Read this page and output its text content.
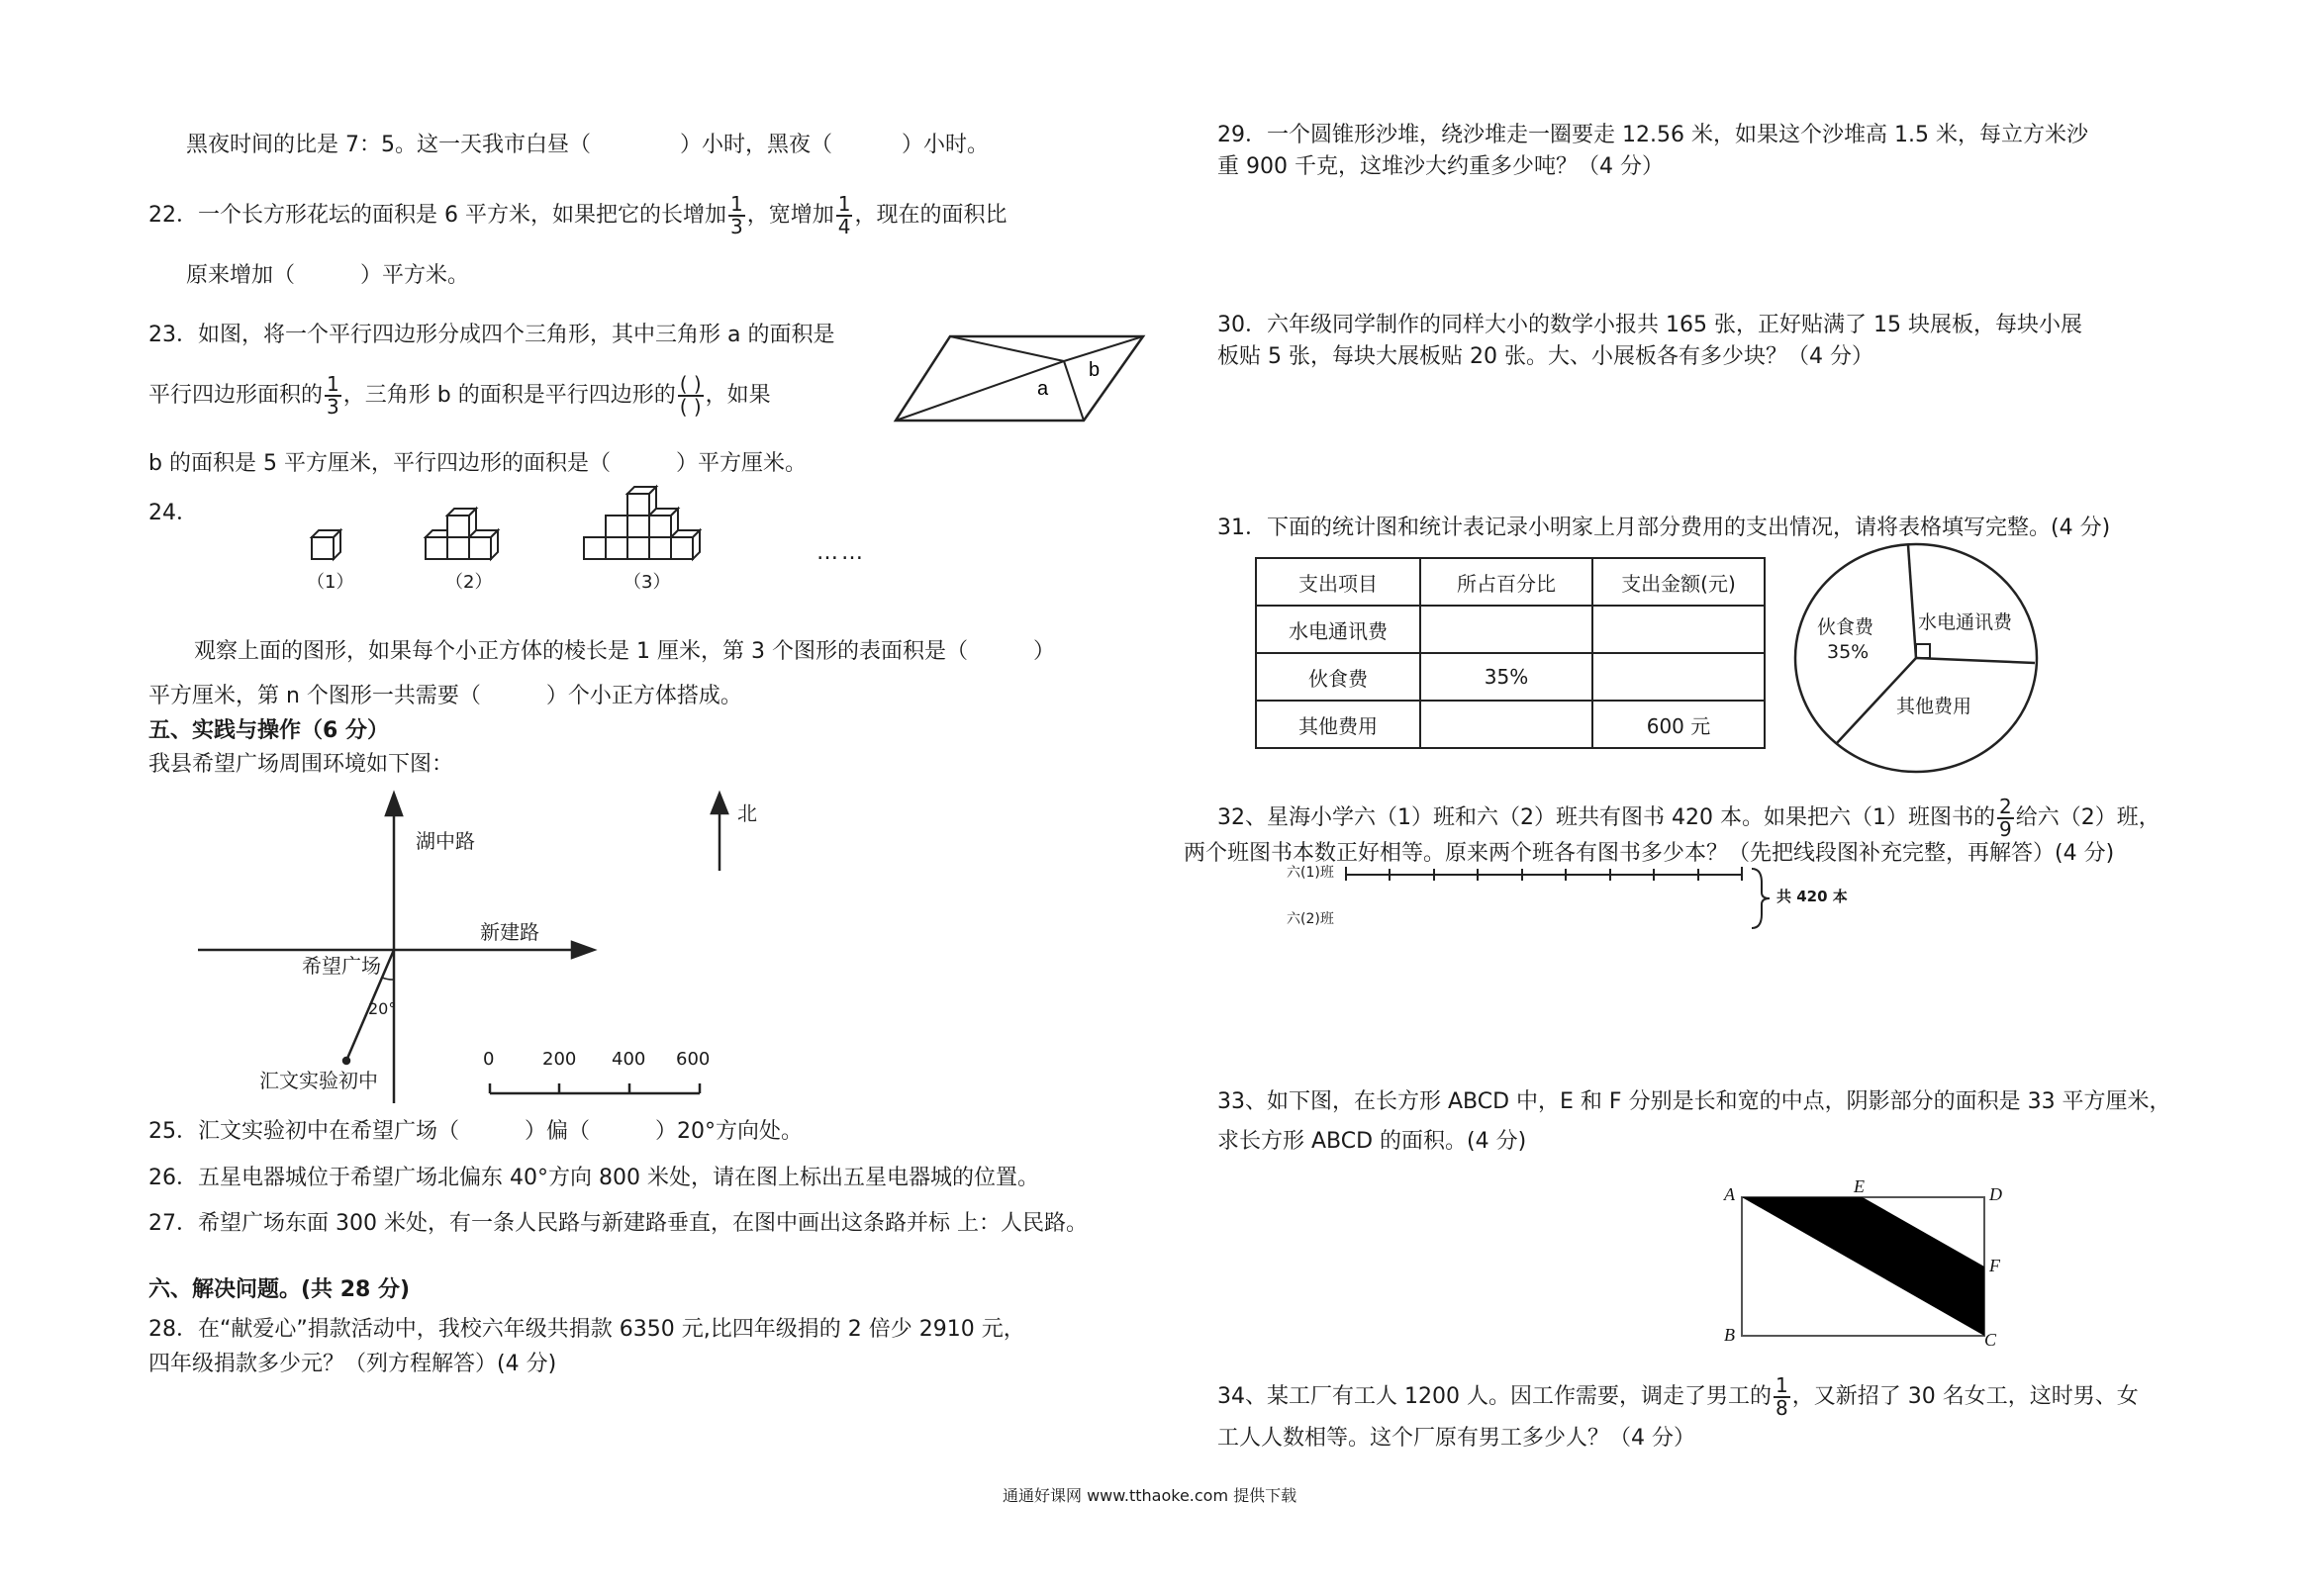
黑夜时间的比是 7：5。这一天我市白昼（	）小时，黑夜（	）小时。
22．一个长方形花坛的面积是 6 平方米，如果把它的长增加 $\frac{1}{3}$ ，宽增加 $\frac{1}{4}$ ，现在的面积比
原来增加（　　　）平方米。
23．如图，将一个平行四边形分成四个三角形，其中三角形 a 的面积是
平行四边形面积的 $\frac{1}{3}$ ，三角形 b 的面积是平行四边形的 $\frac{( )}{( )}$ ，如果
b 的面积是 5 平方厘米，平行四边形的面积是（　　　）平方厘米。
a
b
24．
（1）	（2）	（3）
……
观察上面的图形，如果每个小正方体的棱长是 1 厘米，第 3 个图形的表面积是（　　　）
平方厘米，第 n 个图形一共需要（　　　）个小正方体搭成。
五、实践与操作（6 分）
我县希望广场周围环境如下图：
湖中路
新建路
希望广场
20°
汇文实验初中
北
0	200 400 600
25．汇文实验初中在希望广场（　　　）偏（　　　）20°方向处。
26．五星电器城位于希望广场北偏东 40°方向 800 米处，请在图上标出五星电器城的位置。
27．希望广场东面 300 米处，有一条人民路与新建路垂直，在图中画出这条路并标 上：人民路。
六、解决问题。(共 28 分)
28．在“献爱心”捐款活动中，我校六年级共捐款 6350 元,比四年级捐的 2 倍少 2910 元，
四年级捐款多少元？（列方程解答）(4 分)
29．一个圆锥形沙堆，绕沙堆走一圈要走 12.56 米，如果这个沙堆高 1.5 米，每立方米沙
重 900 千克，这堆沙大约重多少吨？（4 分）
30．六年级同学制作的同样大小的数学小报共 165 张，正好贴满了 15 块展板，每块小展
板贴 5 张，每块大展板贴 20 张。大、小展板各有多少块？（4 分）
31．下面的统计图和统计表记录小明家上月部分费用的支出情况，请将表格填写完整。(4 分)
支出项目	所占百分比	支出金额(元)
水电通讯费		
伙食费	35%	
其他费用		600 元
伙食费
35%
水电通讯费
其他费用
32、星海小学六（1）班和六（2）班共有图书 420 本。如果把六（1）班图书的 $\frac{2}{9}$ 给六（2）班，
两个班图书本数正好相等。原来两个班各有图书多少本？（先把线段图补充完整，再解答）(4 分)
六(1)班
六(2)班
共 420 本
33、如下图，在长方形 ABCD 中，E 和 F 分别是长和宽的中点，阴影部分的面积是 33 平方厘米，
求长方形 ABCD 的面积。(4 分)
A	E	D
F
B	C
34、某工厂有工人 1200 人。因工作需要，调走了男工的 $\frac{1}{8}$ ，又新招了 30 名女工，这时男、女
工人人数相等。这个厂原有男工多少人？（4 分）
通通好课网 www.tthaoke.com 提供下载
